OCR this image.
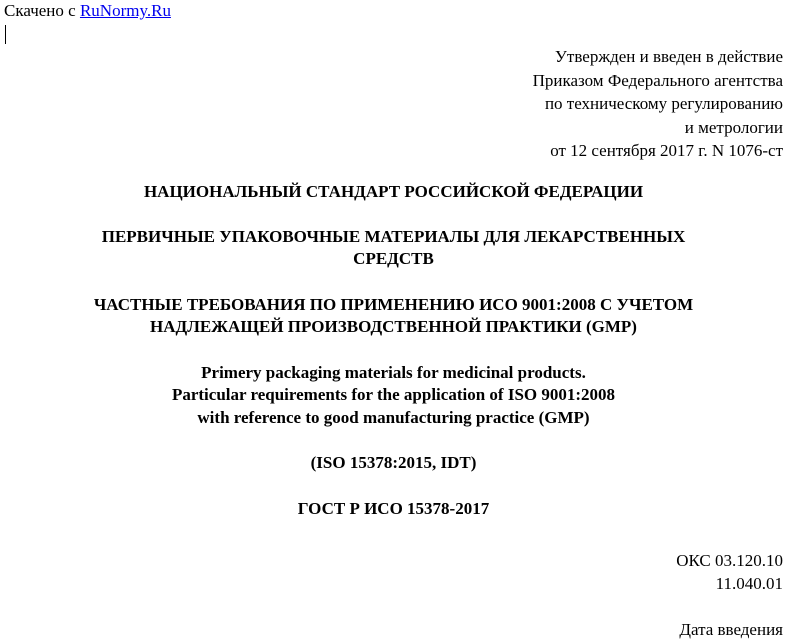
Скачено с RuNormy.Ru
Утвержден и введен в действие
Приказом Федерального агентства
по техническому регулированию
и метрологии
от 12 сентября 2017 г. N 1076-ст
НАЦИОНАЛЬНЫЙ СТАНДАРТ РОССИЙСКОЙ ФЕДЕРАЦИИ
ПЕРВИЧНЫЕ УПАКОВОЧНЫЕ МАТЕРИАЛЫ ДЛЯ ЛЕКАРСТВЕННЫХ
СРЕДСТВ
ЧАСТНЫЕ ТРЕБОВАНИЯ ПО ПРИМЕНЕНИЮ ИСО 9001:2008 С УЧЕТОМ
НАДЛЕЖАЩЕЙ ПРОИЗВОДСТВЕННОЙ ПРАКТИКИ (GMP)
Primery packaging materials for medicinal products.
Particular requirements for the application of ISO 9001:2008
with reference to good manufacturing practice (GMP)
(ISO 15378:2015, IDT)
ГОСТ Р ИСО 15378-2017
ОКС 03.120.10
11.040.01
Дата введения
